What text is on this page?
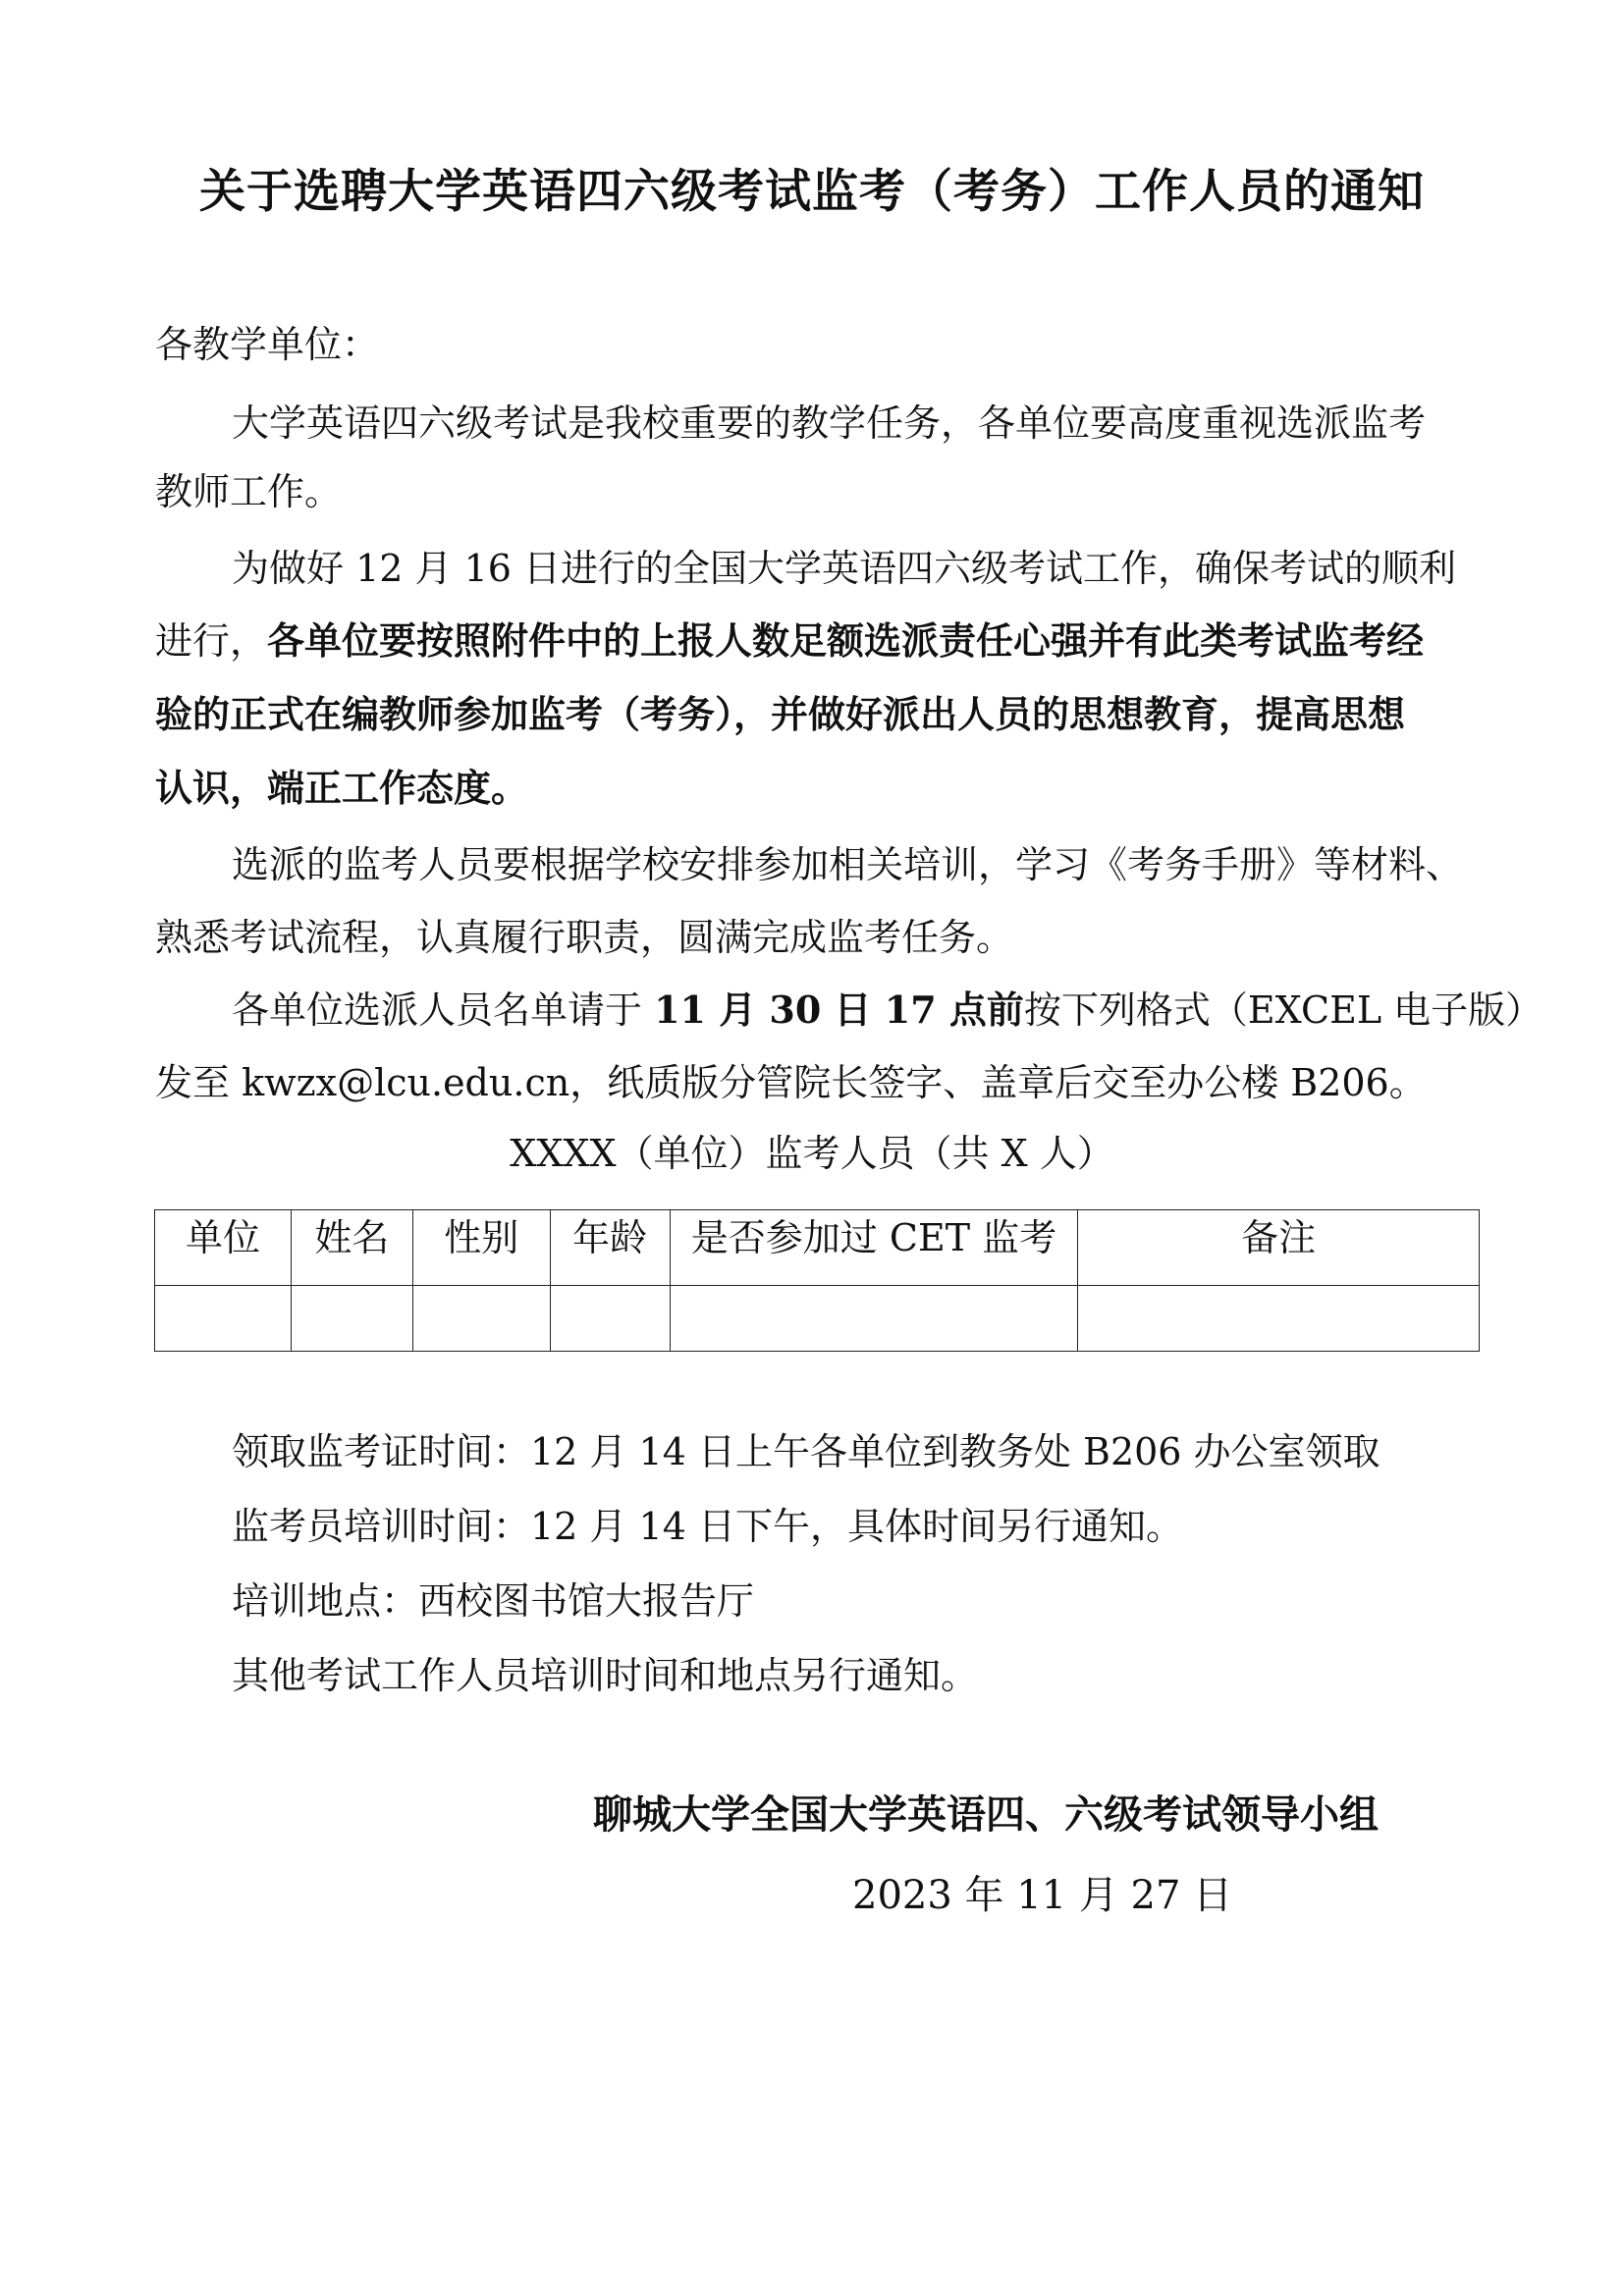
关于选聘大学英语四六级考试监考（考务）工作人员的通知
各教学单位：
大学英语四六级考试是我校重要的教学任务，各单位要高度重视选派监考
教师工作。
为做好 12 月 16 日进行的全国大学英语四六级考试工作，确保考试的顺利
进行，各单位要按照附件中的上报人数足额选派责任心强并有此类考试监考经
验的正式在编教师参加监考（考务），并做好派出人员的思想教育，提高思想
认识，端正工作态度。
选派的监考人员要根据学校安排参加相关培训，学习《考务手册》等材料、
熟悉考试流程，认真履行职责，圆满完成监考任务。
各单位选派人员名单请于 11 月 30 日 17 点前按下列格式（EXCEL 电子版）
发至 kwzx@lcu.edu.cn，纸质版分管院长签字、盖章后交至办公楼 B206。
XXXX（单位）监考人员（共 X 人）
单位	姓名	性别	年龄	是否参加过 CET 监考	备注

领取监考证时间：12 月 14 日上午各单位到教务处 B206 办公室领取
监考员培训时间：12 月 14 日下午，具体时间另行通知。
培训地点：西校图书馆大报告厅
其他考试工作人员培训时间和地点另行通知。
聊城大学全国大学英语四、六级考试领导小组
2023 年 11 月 27 日
